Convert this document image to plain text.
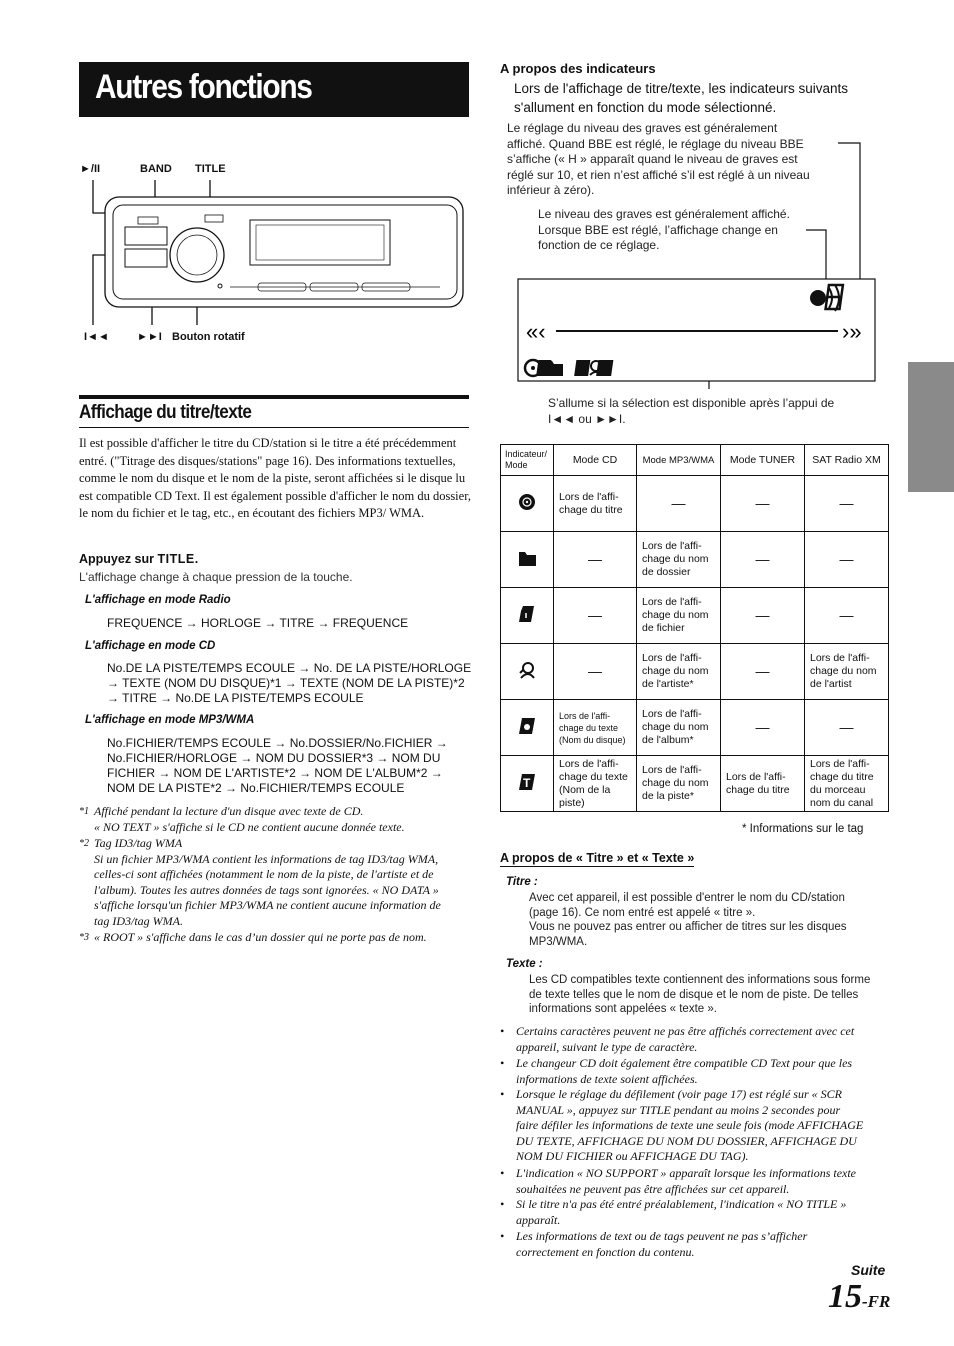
Autres fonctions
►/II	BAND TITLE
I◄◄	►►I Bouton rotatif
Affichage du titre/texte
Il est possible d'afficher le titre du CD/station si le titre a été précédemment entré. ("Titrage des disques/stations" page 16). Des informations textuelles, comme le nom du disque et le nom de la piste, seront affichées si le disque lu est compatible CD Text. Il est également possible d'afficher le nom du dossier, le nom du fichier et le tag, etc., en écoutant des fichiers MP3/ WMA.
Appuyez sur TITLE.
L'affichage change à chaque pression de la touche.
L'affichage en mode Radio
FREQUENCE → HORLOGE → TITRE → FREQUENCE
L'affichage en mode CD
No.DE LA PISTE/TEMPS ECOULE → No. DE LA PISTE/HORLOGE
→ TEXTE (NOM DU DISQUE)*1 → TEXTE (NOM DE LA PISTE)*2
→ TITRE → No.DE LA PISTE/TEMPS ECOULE
L'affichage en mode MP3/WMA
No.FICHIER/TEMPS ECOULE → No.DOSSIER/No.FICHIER →
No.FICHIER/HORLOGE → NOM DU DOSSIER*3 → NOM DU
FICHIER → NOM DE L'ARTISTE*2 → NOM DE L'ALBUM*2 →
NOM DE LA PISTE*2 → No.FICHIER/TEMPS ECOULE
*1 Affiché pendant la lecture d'un disque avec texte de CD.
« NO TEXT » s'affiche si le CD ne contient aucune donnée texte.
*2 Tag ID3/tag WMA
Si un fichier MP3/WMA contient les informations de tag ID3/tag WMA,
celles-ci sont affichées (notamment le nom de la piste, de l'artiste et de
l'album). Toutes les autres données de tags sont ignorées. « NO DATA »
s'affiche lorsqu'un fichier MP3/WMA ne contient aucune information de
tag ID3/tag WMA.
*3 « ROOT » s'affiche dans le cas d’un dossier qui ne porte pas de nom.
A propos des indicateurs
Lors de l'affichage de titre/texte, les indicateurs suivants
s'allument en fonction du mode sélectionné.
Le réglage du niveau des graves est généralement
affiché. Quand BBE est réglé, le réglage du niveau BBE
s’affiche (« H » apparaît quand le niveau de graves est
réglé sur 10, et rien n’est affiché s’il est réglé à un niveau
inférieur à zéro).
Le niveau des graves est généralement affiché.
Lorsque BBE est réglé, l’affichage change en
fonction de ce réglage.
«‹	›»
T
S’allume si la sélection est disponible après l’appui de
I◄◄ ou ►►I.
Indicateur/ Mode	Mode CD	Mode MP3/WMA	Mode TUNER	SAT Radio XM
	Lors de l'affi- chage du titre	—	—	—
	—	Lors de l'affi- chage du nom de dossier	—	—
	—	Lors de l'affi- chage du nom de fichier	—	—
	—	Lors de l'affi- chage du nom de l'artiste*	—	Lors de l'affi- chage du nom de l'artist
	Lors de l'affi- chage du texte (Nom du disque)	Lors de l'affi- chage du nom de l'album*	—	—

T	Lors de l'affi- chage du texte (Nom de la piste)	Lors de l'affi- chage du nom de la piste*	Lors de l'affi- chage du titre	Lors de l'affi- chage du titre du morceau nom du canal
* Informations sur le tag
A propos de « Titre » et « Texte »
Titre :
Avec cet appareil, il est possible d'entrer le nom du CD/station
(page 16). Ce nom entré est appelé « titre ».
Vous ne pouvez pas entrer ou afficher de titres sur les disques
MP3/WMA.
Texte :
Les CD compatibles texte contiennent des informations sous forme
de texte telles que le nom de disque et le nom de piste. De telles
informations sont appelées « texte ».
• Certains caractères peuvent ne pas être affichés correctement avec cet
appareil, suivant le type de caractère.
• Le changeur CD doit également être compatible CD Text pour que les
informations de texte soient affichées.
• Lorsque le réglage du défilement (voir page 17) est réglé sur « SCR
MANUAL », appuyez sur TITLE pendant au moins 2 secondes pour
faire défiler les informations de texte une seule fois (mode AFFICHAGE
DU TEXTE, AFFICHAGE DU NOM DU DOSSIER, AFFICHAGE DU
NOM DU FICHIER ou AFFICHAGE DU TAG).
• L'indication « NO SUPPORT » apparaît lorsque les informations texte
souhaitées ne peuvent pas être affichées sur cet appareil.
• Si le titre n'a pas été entré préalablement, l'indication « NO TITLE »
apparaît.
• Les informations de text ou de tags peuvent ne pas s’afficher
correctement en fonction du contenu.
Suite
15-FR
